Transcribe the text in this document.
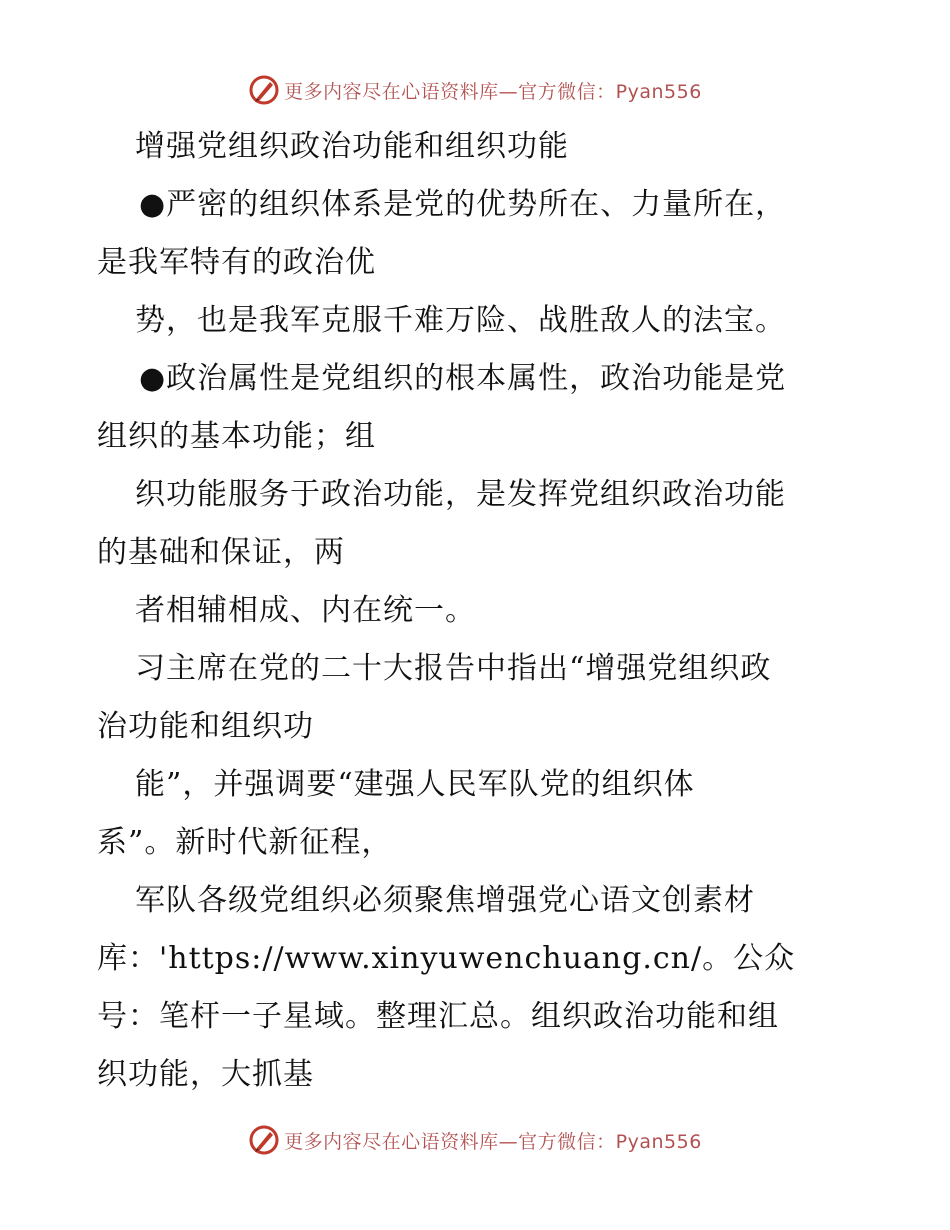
更多内容尽在心语资料库—官方微信：Pyan556
增强党组织政治功能和组织功能
●严密的组织体系是党的优势所在、力量所在，
是我军特有的政治优
势，也是我军克服千难万险、战胜敌人的法宝。
●政治属性是党组织的根本属性，政治功能是党
组织的基本功能；组
织功能服务于政治功能，是发挥党组织政治功能
的基础和保证，两
者相辅相成、内在统一。
习主席在党的二十大报告中指出“增强党组织政
治功能和组织功
能”，并强调要“建强人民军队党的组织体
系”。新时代新征程，
军队各级党组织必须聚焦增强党心语文创素材
库：'https://www.xinyuwenchuang.cn/。公众
号：笔杆一子星域。整理汇总。组织政治功能和组
织功能，大抓基
更多内容尽在心语资料库—官方微信：Pyan556
